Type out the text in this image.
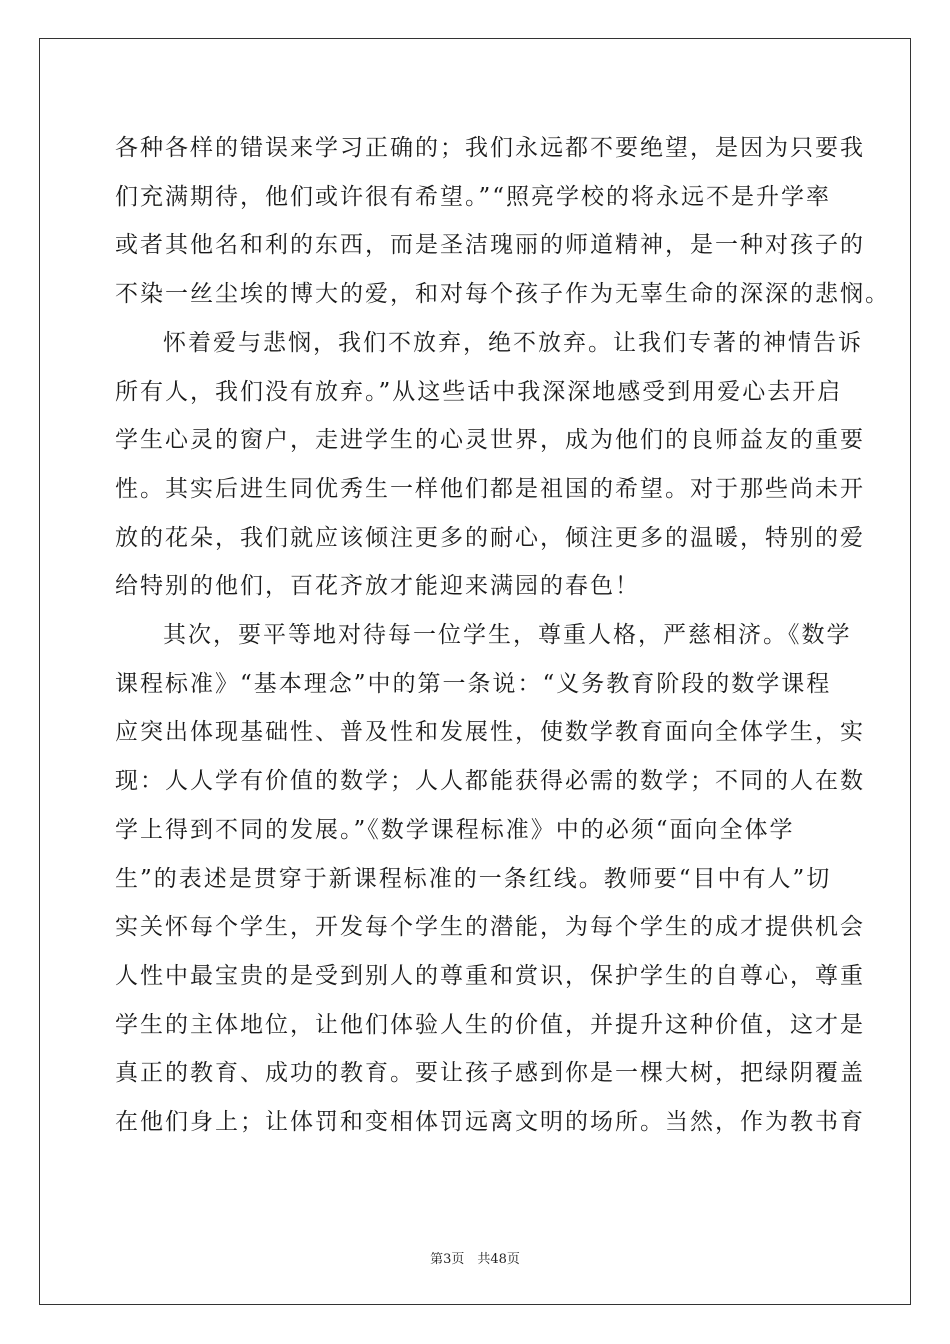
各种各样的错误来学习正确的；我们永远都不要绝望，是因为只要我
们充满期待，他们或许很有希望。”“照亮学校的将永远不是升学率
或者其他名和利的东西，而是圣洁瑰丽的师道精神，是一种对孩子的
不染一丝尘埃的博大的爱，和对每个孩子作为无辜生命的深深的悲悯。

怀着爱与悲悯，我们不放弃，绝不放弃。让我们专著的神情告诉
所有人，我们没有放弃。”从这些话中我深深地感受到用爱心去开启
学生心灵的窗户，走进学生的心灵世界，成为他们的良师益友的重要
性。其实后进生同优秀生一样他们都是祖国的希望。对于那些尚未开
放的花朵，我们就应该倾注更多的耐心，倾注更多的温暖，特别的爱
给特别的他们，百花齐放才能迎来满园的春色！

其次，要平等地对待每一位学生，尊重人格，严慈相济。《数学
课程标准》“基本理念”中的第一条说：“义务教育阶段的数学课程
应突出体现基础性、普及性和发展性，使数学教育面向全体学生，实
现：人人学有价值的数学；人人都能获得必需的数学；不同的人在数
学上得到不同的发展。”《数学课程标准》中的必须“面向全体学
生”的表述是贯穿于新课程标准的一条红线。教师要“目中有人”切
实关怀每个学生，开发每个学生的潜能，为每个学生的成才提供机会
人性中最宝贵的是受到别人的尊重和赏识，保护学生的自尊心，尊重
学生的主体地位，让他们体验人生的价值，并提升这种价值，这才是
真正的教育、成功的教育。要让孩子感到你是一棵大树，把绿阴覆盖
在他们身上；让体罚和变相体罚远离文明的场所。当然，作为教书育

第3页　共48页
